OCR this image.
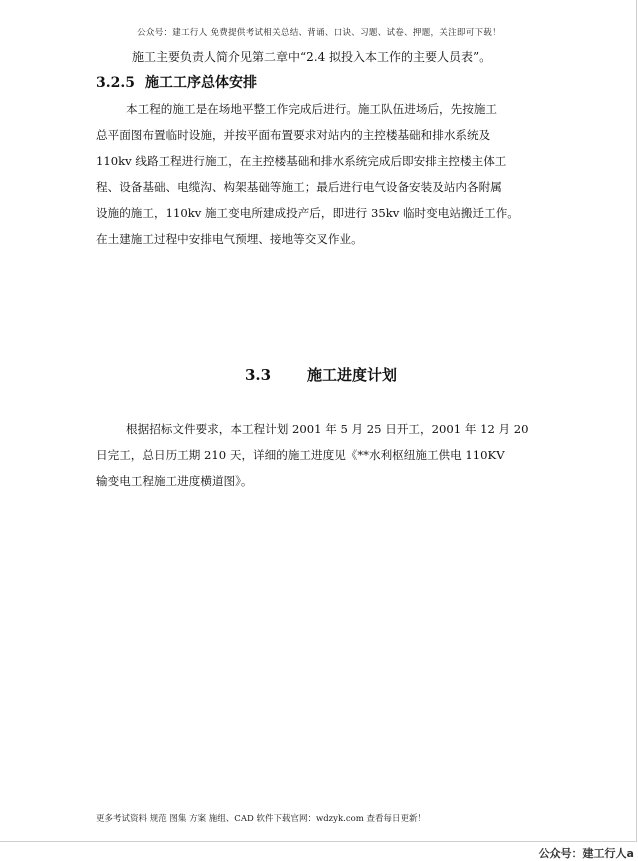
公众号：建工行人 免费提供考试相关总结、背诵、口诀、习题、试卷、押题，关注即可下载！
施工主要负责人简介见第二章中“2.4 拟投入本工作的主要人员表”。
3.2.5 施工工序总体安排
本工程的施工是在场地平整工作完成后进行。施工队伍进场后，先按施工
总平面图布置临时设施，并按平面布置要求对站内的主控楼基础和排水系统及
110kv 线路工程进行施工，在主控楼基础和排水系统完成后即安排主控楼主体工
程、设备基础、电缆沟、构架基础等施工；最后进行电气设备安装及站内各附属
设施的施工，110kv 施工变电所建成投产后，即进行 35kv 临时变电站搬迁工作。
在土建施工过程中安排电气预埋、接地等交叉作业。
3.3 施工进度计划
根据招标文件要求，本工程计划 2001 年 5 月 25 日开工，2001 年 12 月 20
日完工，总日历工期 210 天，详细的施工进度见《**水利枢纽施工供电 110KV
输变电工程施工进度横道图》。
更多考试资料 规范 图集 方案 施组、CAD 软件下载官网：wdzyk.com 查看每日更新！
公众号：建工行人a
